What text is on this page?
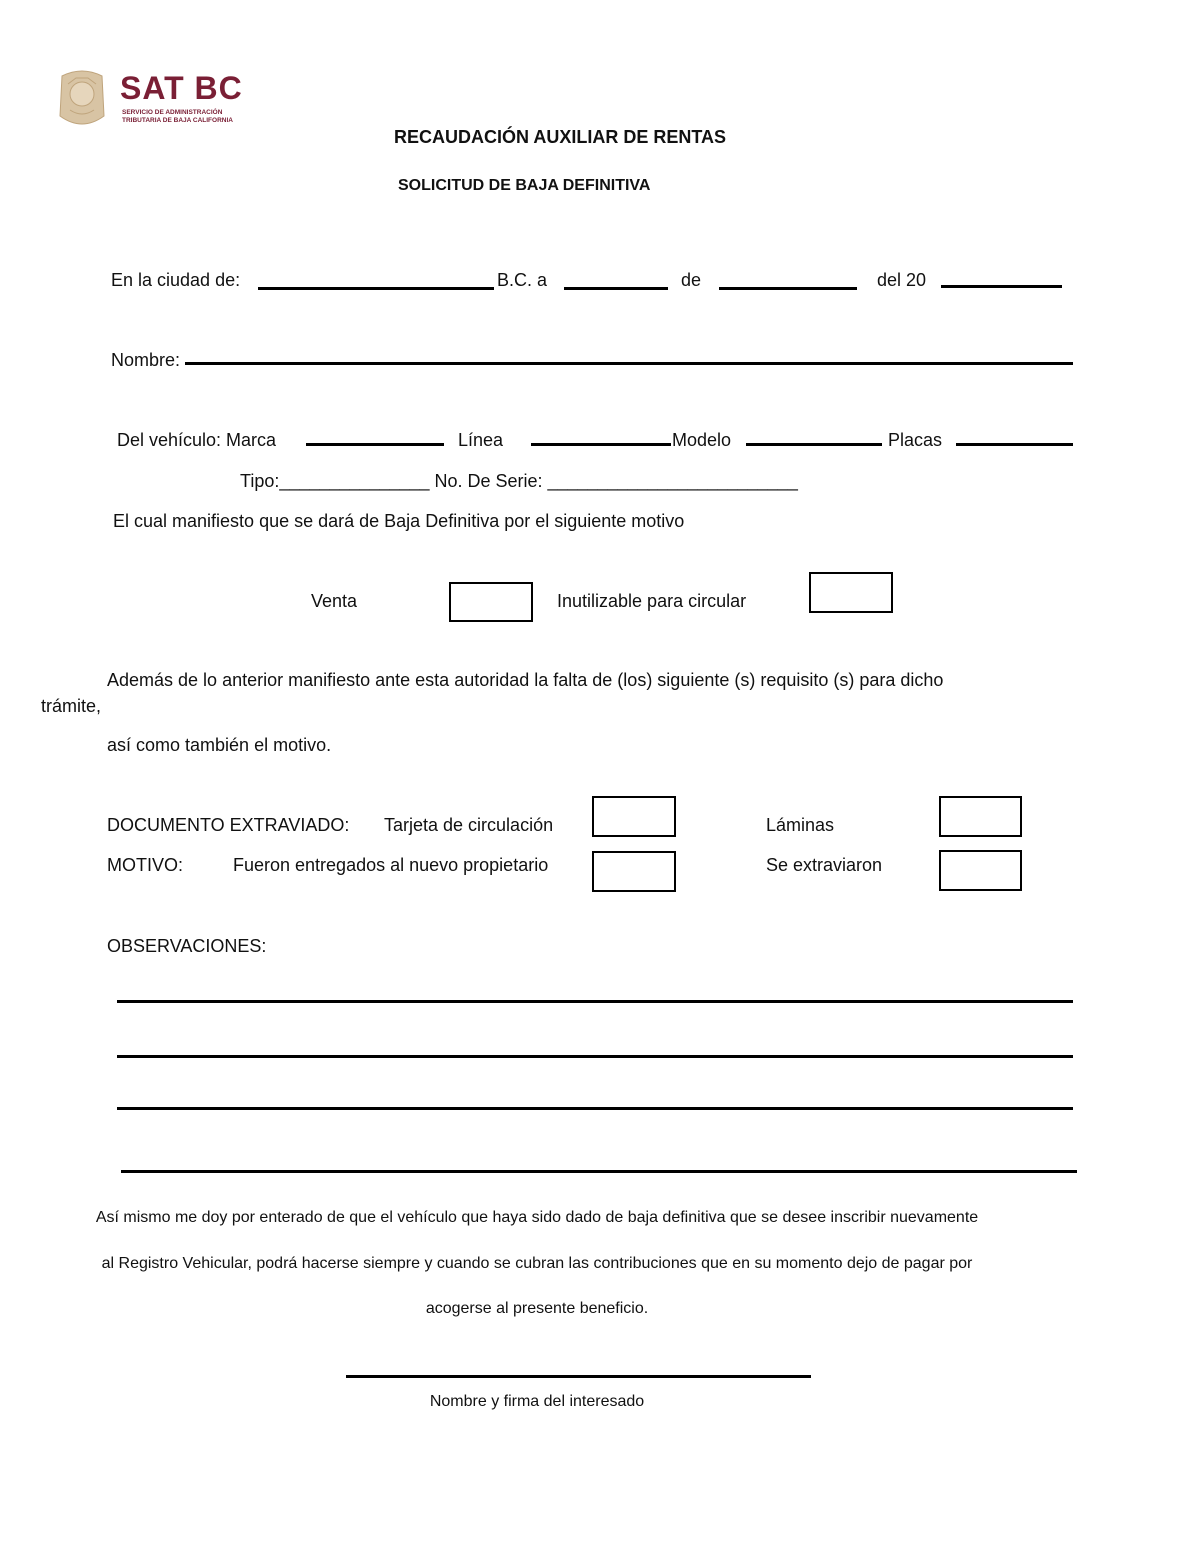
SAT BC
SERVICIO DE ADMINISTRACIÓN
TRIBUTARIA DE BAJA CALIFORNIA
RECAUDACIÓN AUXILIAR DE RENTAS
SOLICITUD DE BAJA DEFINITIVA
En la ciudad de:	B.C. a	de	del 20
Nombre:
Del vehículo: Marca	Línea	Modelo	Placas
Tipo:_______________ No. De Serie: _________________________
El cual manifiesto que se dará de Baja Definitiva por el siguiente motivo
Venta	Inutilizable para circular
Además de lo anterior manifiesto ante esta autoridad la falta de (los) siguiente (s) requisito (s) para dicho
trámite,
así como también el motivo.
DOCUMENTO EXTRAVIADO: Tarjeta de circulación	Láminas
MOTIVO:	Fueron entregados al nuevo propietario	Se extraviaron
OBSERVACIONES:
Así mismo me doy por enterado de que el vehículo que haya sido dado de baja definitiva que se desee inscribir nuevamente
al Registro Vehicular, podrá hacerse siempre y cuando se cubran las contribuciones que en su momento dejo de pagar por
acogerse al presente beneficio.
Nombre y firma del interesado
